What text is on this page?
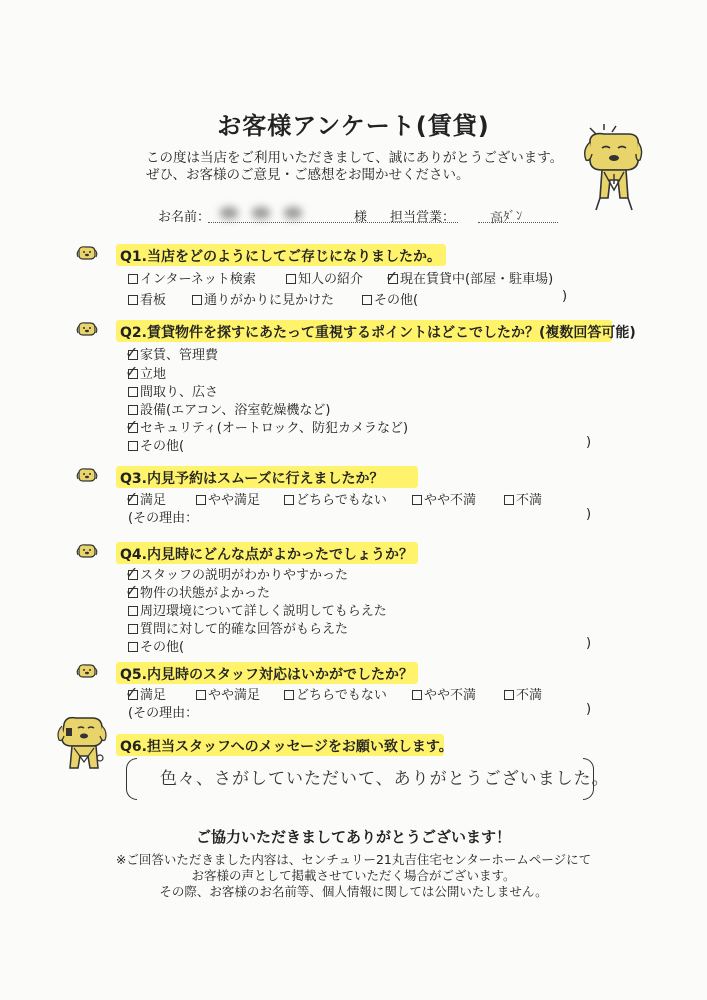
お客様アンケート(賃貸)
この度は当店をご利用いただきまして、誠にありがとうございます。
ぜひ、お客様のご意見・ご感想をお聞かせください。
お名前：	様 担当営業：	高ﾀﾞﾝ
Q1.当店をどのようにしてご存じになりましたか。
インターネット検索	知人の紹介 ✓ 現在賃貸中(部屋・駐車場)
看板	通りがかりに見かけた	その他(	)
Q2.賃貸物件を探すにあたって重視するポイントはどこでしたか？(複数回答可能)
✓ 家賃、管理費
✓ 立地
間取り、広さ
設備(エアコン、浴室乾燥機など)
✓ セキュリティ(オートロック、防犯カメラなど)
その他(	)
Q3.内見予約はスムーズに行えましたか？
✓ 満足	やや満足	どちらでもない	やや不満	不満
(その理由：	)
Q4.内見時にどんな点がよかったでしょうか？
✓ スタッフの説明がわかりやすかった
✓ 物件の状態がよかった
周辺環境について詳しく説明してもらえた
質問に対して的確な回答がもらえた
その他(	)
Q5.内見時のスタッフ対応はいかがでしたか？
✓ 満足	やや満足	どちらでもない	やや不満	不満
(その理由：	)
Q6.担当スタッフへのメッセージをお願い致します。
色々、さがしていただいて、ありがとうございました。
ご協力いただきましてありがとうございます！
※ご回答いただきました内容は、センチュリー21丸吉住宅センターホームページにて
お客様の声として掲載させていただく場合がございます。
その際、お客様のお名前等、個人情報に関しては公開いたしません。
